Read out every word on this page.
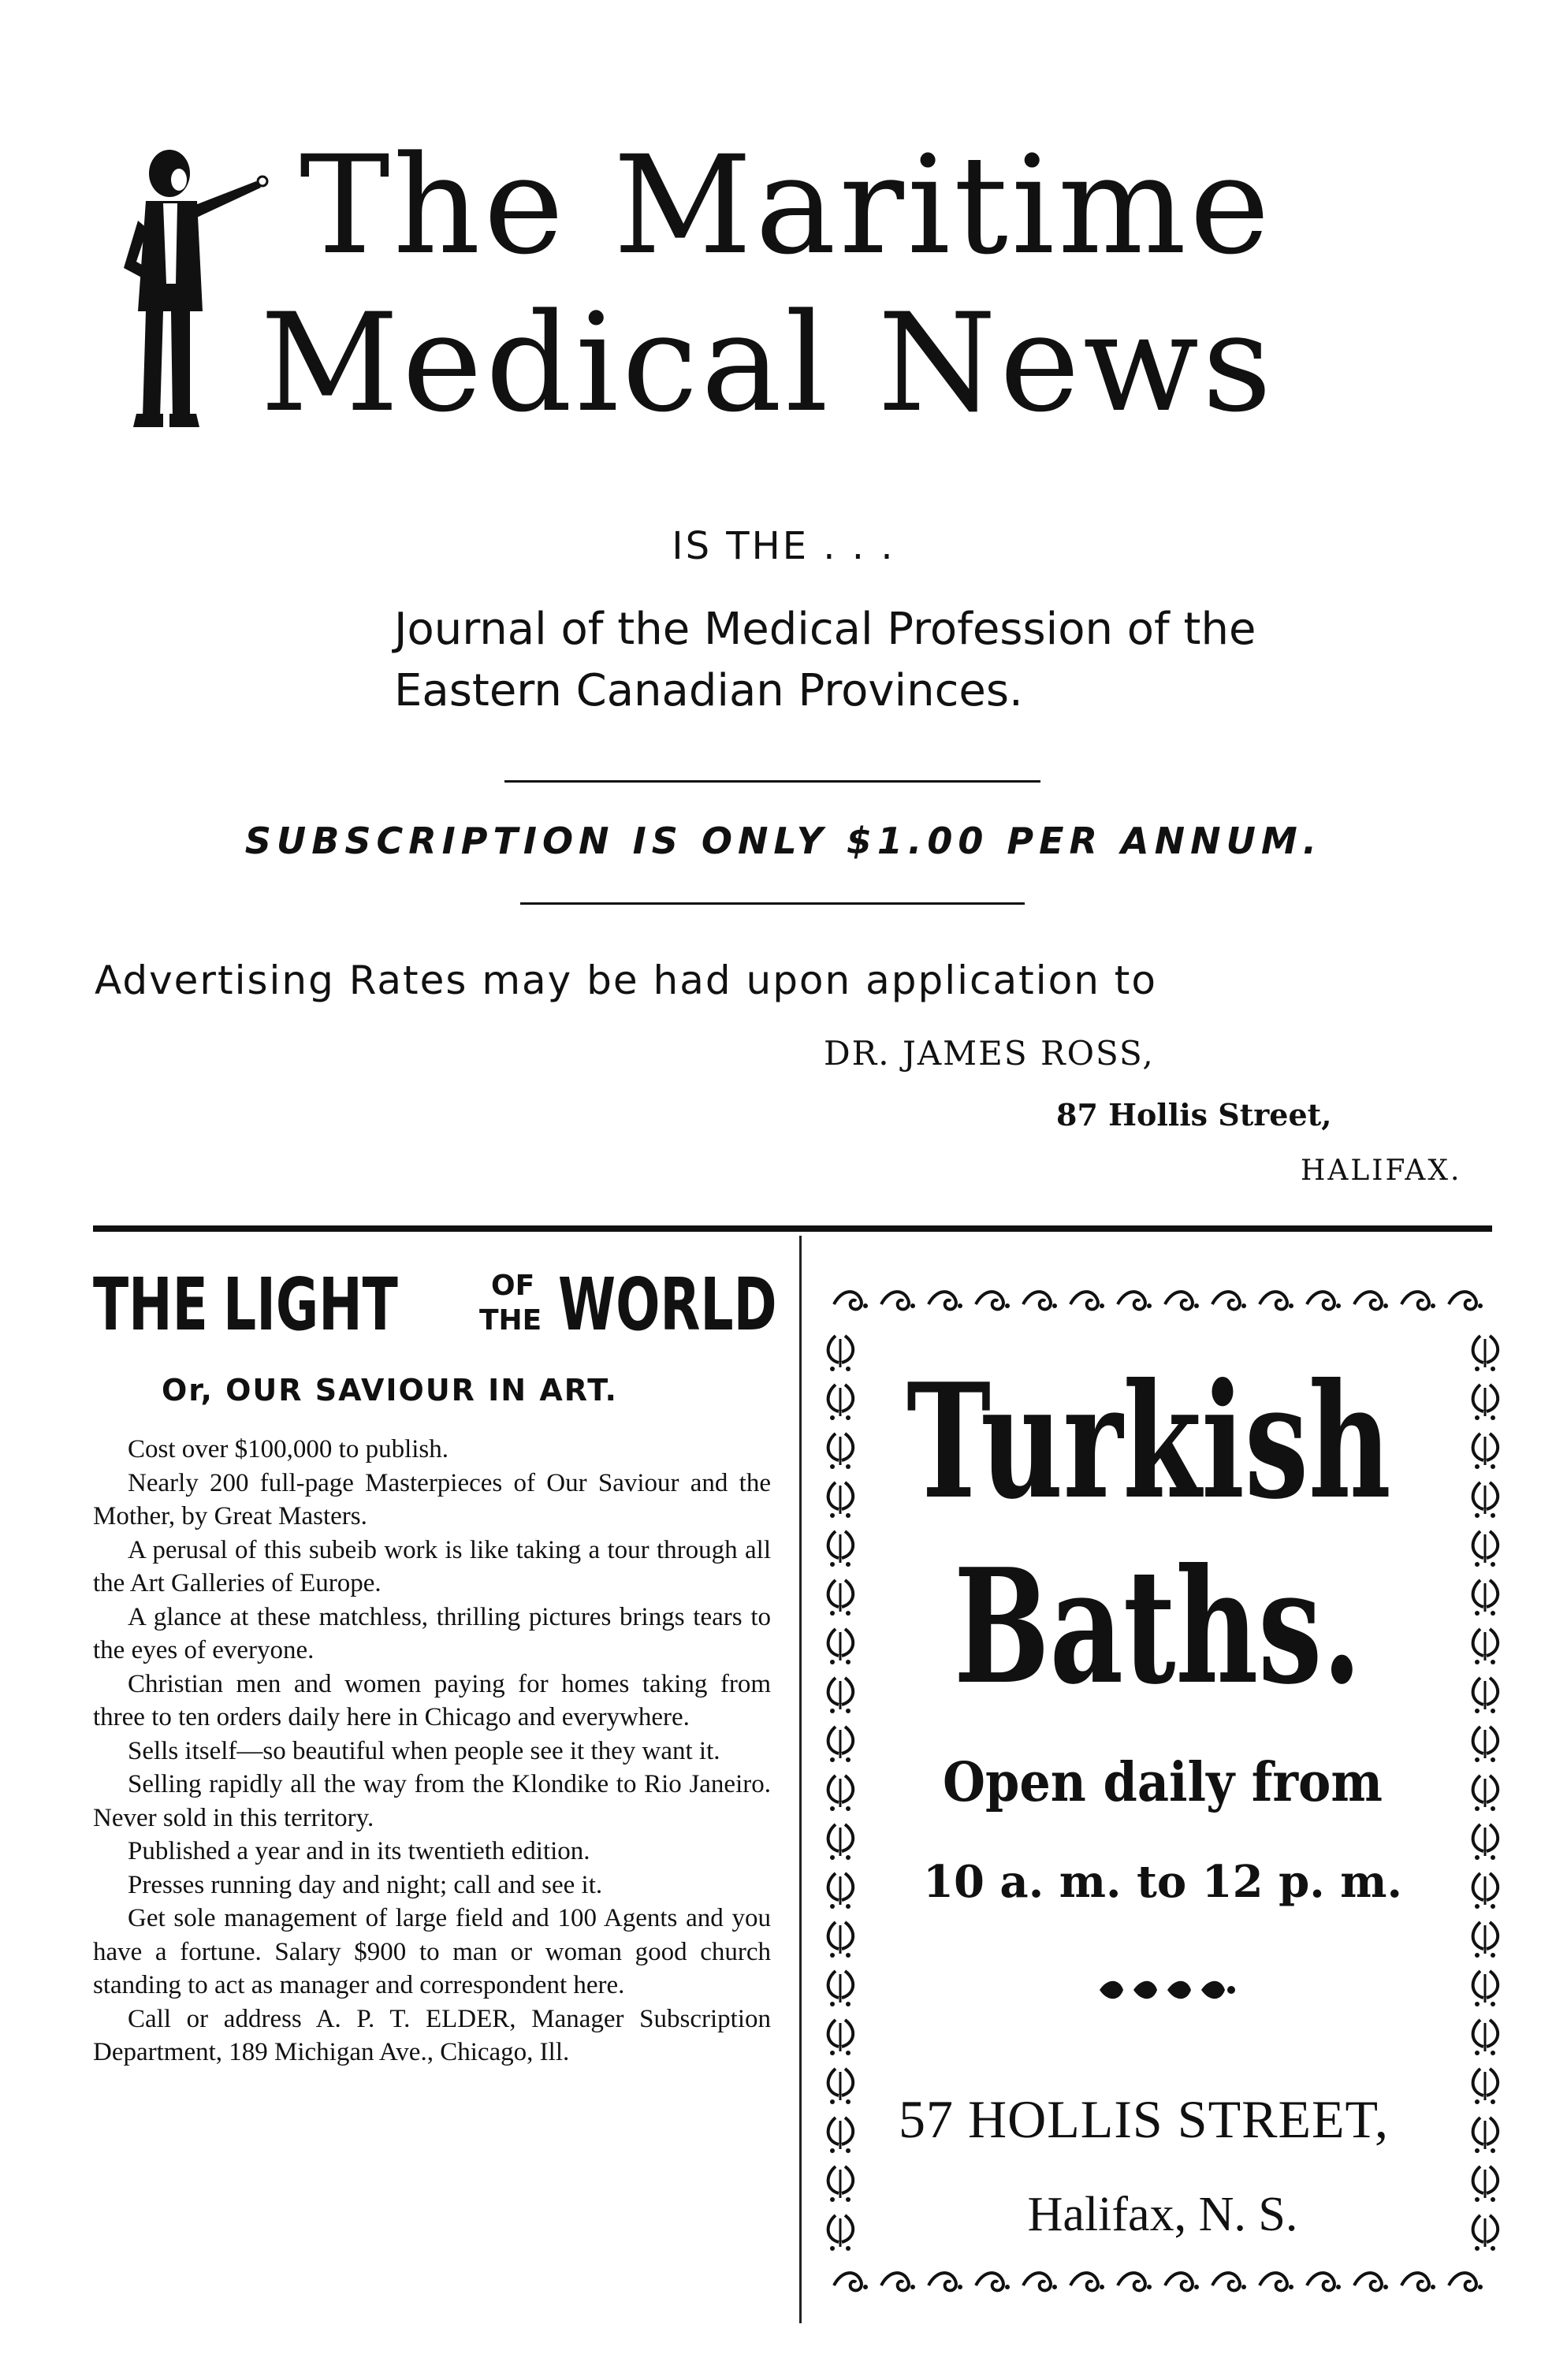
The Maritime
Medical News
IS THE . . .
Journal of the Medical Profession of the
Eastern Canadian Provinces.
SUBSCRIPTION IS ONLY $1.00 PER ANNUM.
Advertising Rates may be had upon application to
DR. JAMES ROSS,
87 Hollis Street,
HALIFAX.
THE LIGHT	OF
THE WORLD
Or, OUR SAVIOUR IN ART.

Cost over $100,000 to publish.

Nearly 200 full-page Masterpieces of Our Saviour and the Mother, by Great Masters.

A perusal of this subeib work is like taking a tour through all the Art Galleries of Europe.

A glance at these matchless, thrilling pictures brings tears to the eyes of everyone.

Christian men and women paying for homes taking from three to ten orders daily here in Chicago and everywhere.

Sells itself—so beautiful when people see it they want it.

Selling rapidly all the way from the Klondike to Rio Janeiro. Never sold in this territory.

Published a year and in its twentieth edition.

Presses running day and night; call and see it.

Get sole management of large field and 100 Agents and you have a fortune. Salary $900 to man or woman good church standing to act as manager and correspondent here.

Call or address A. P. T. ELDER, Manager Subscription Department, 189 Michigan Ave., Chicago, Ill.

Turkish
Baths.
Open daily from
10 a. m. to 12 p. m.
57 HOLLIS STREET,
Halifax, N. S.
